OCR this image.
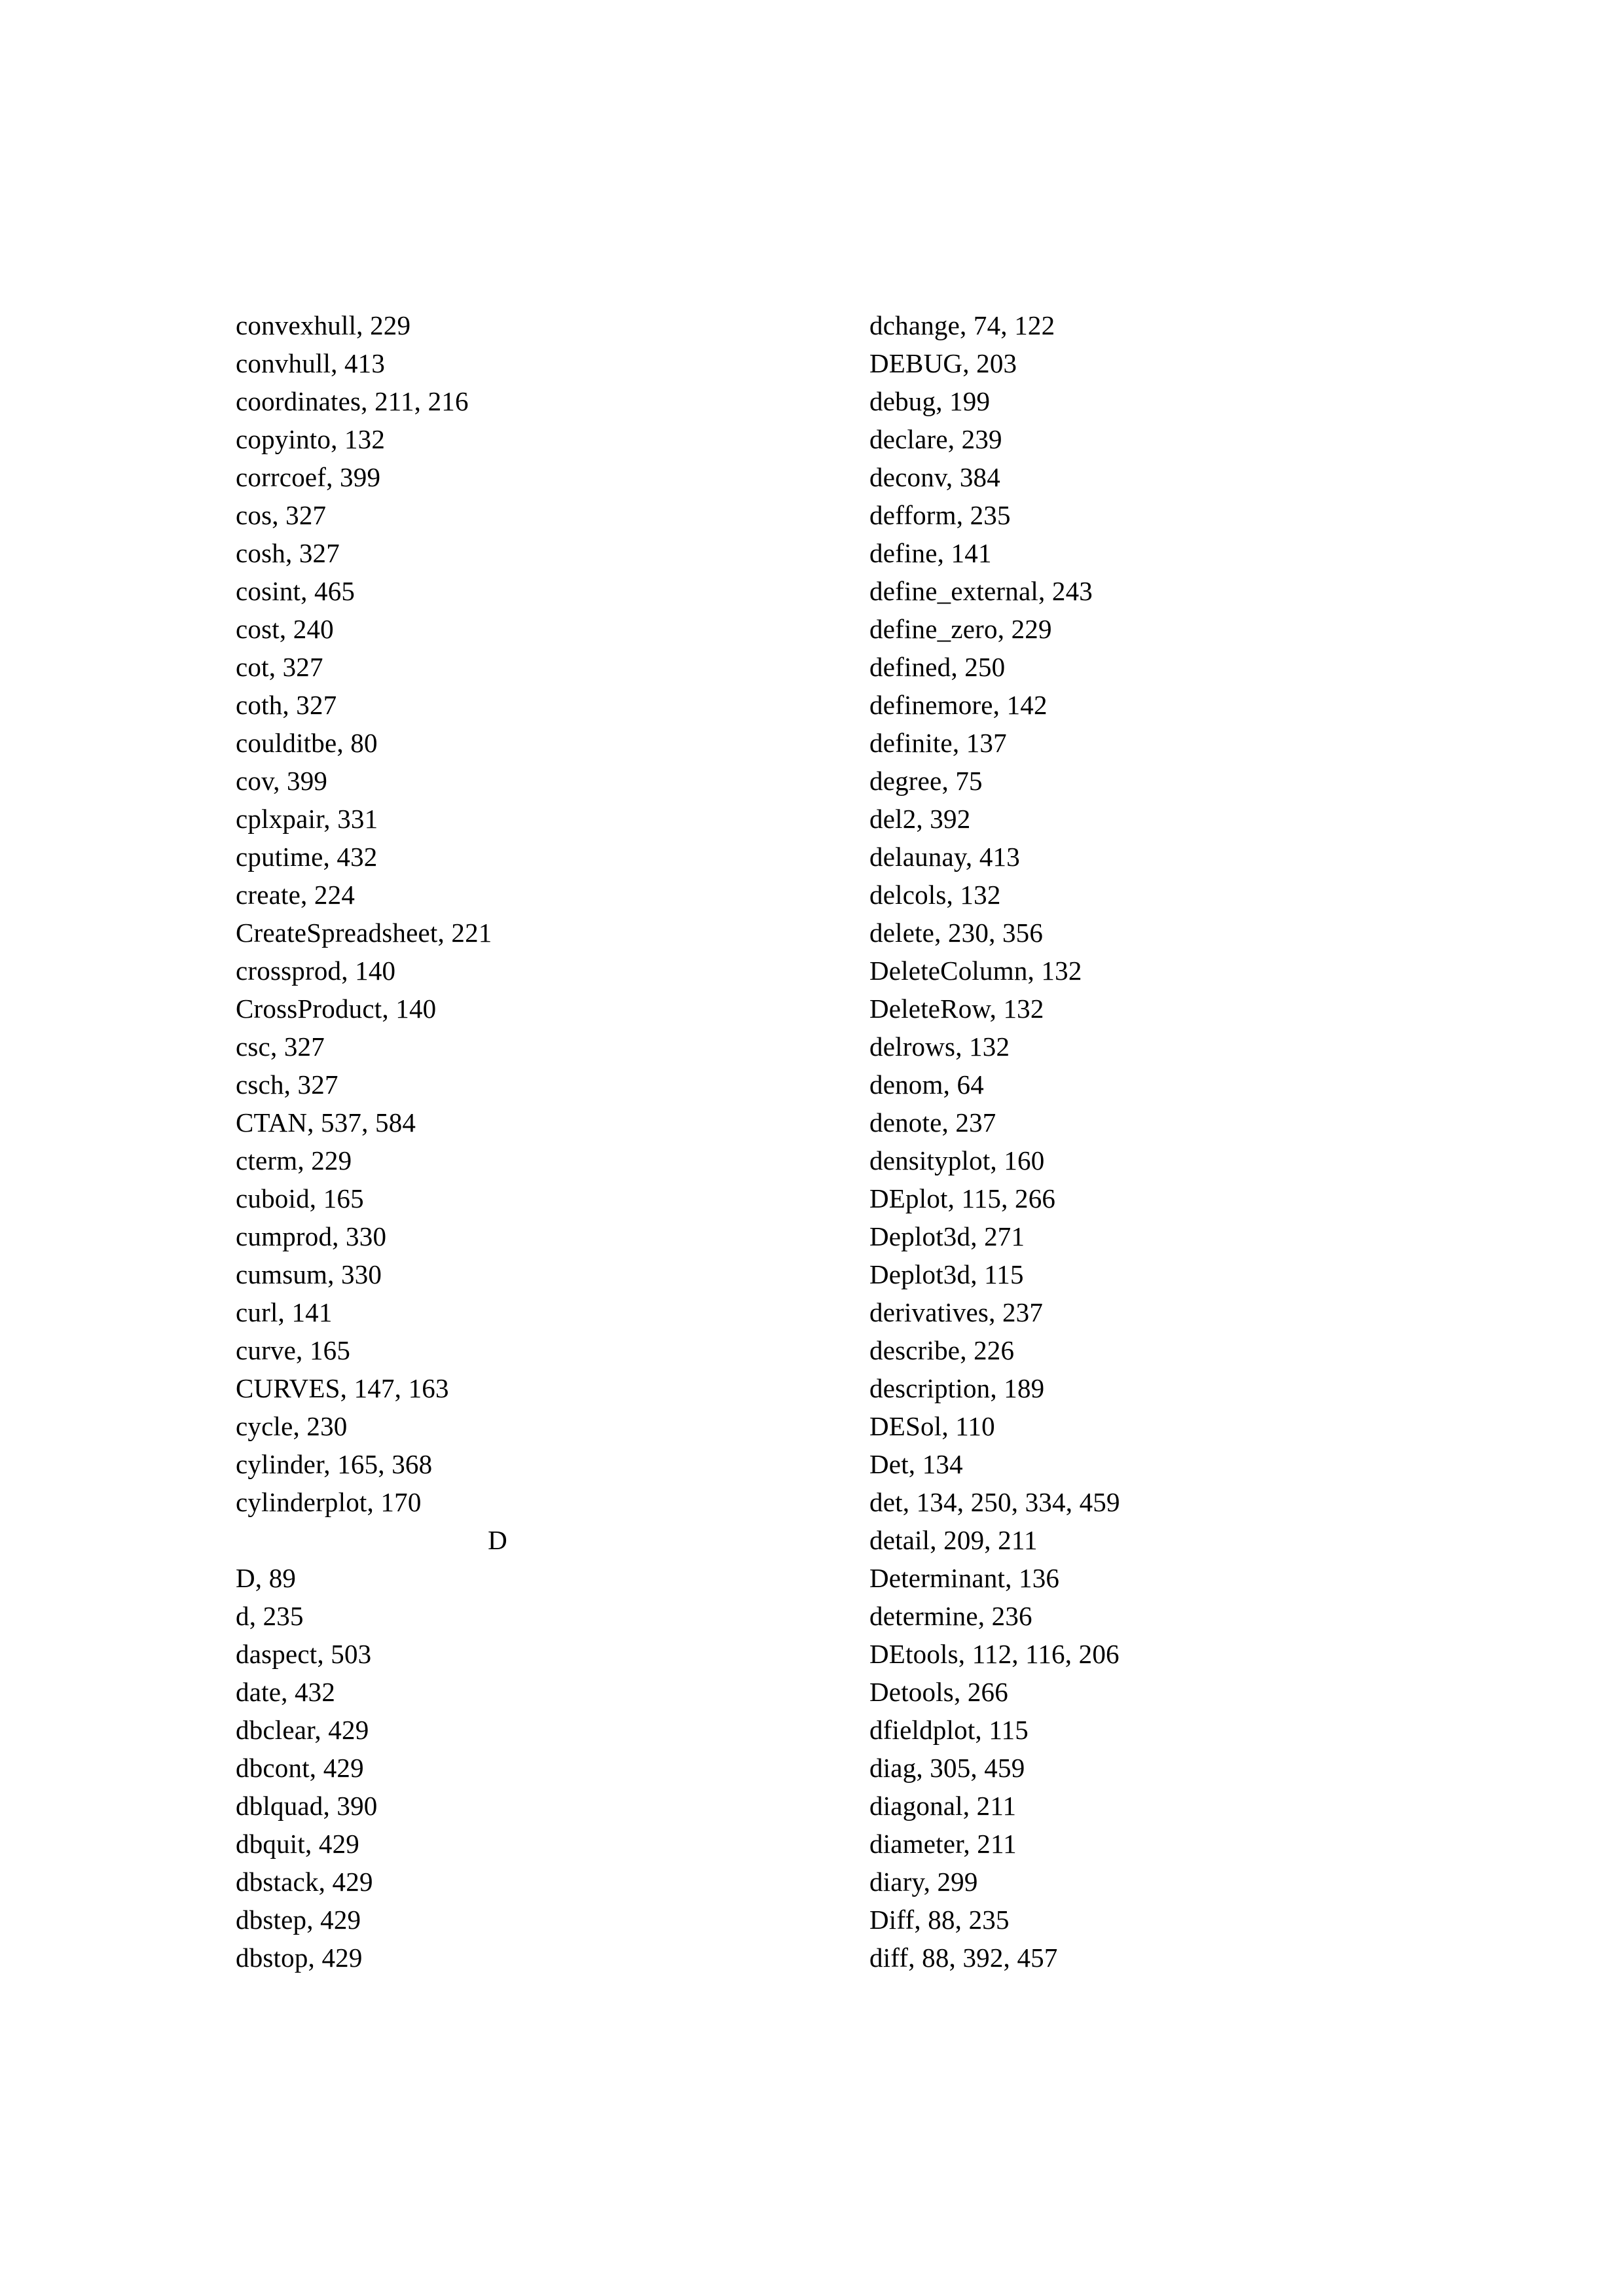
convexhull, 229
convhull, 413
coordinates, 211, 216
copyinto, 132
corrcoef, 399
cos, 327
cosh, 327
cosint, 465
cost, 240
cot, 327
coth, 327
coulditbe, 80
cov, 399
cplxpair, 331
cputime, 432
create, 224
CreateSpreadsheet, 221
crossprod, 140
CrossProduct, 140
csc, 327
csch, 327
CTAN, 537, 584
cterm, 229
cuboid, 165
cumprod, 330
cumsum, 330
curl, 141
curve, 165
CURVES, 147, 163
cycle, 230
cylinder, 165, 368
cylinderplot, 170
D
D, 89
d, 235
daspect, 503
date, 432
dbclear, 429
dbcont, 429
dblquad, 390
dbquit, 429
dbstack, 429
dbstep, 429
dbstop, 429
dchange, 74, 122
DEBUG, 203
debug, 199
declare, 239
deconv, 384
defform, 235
define, 141
define_external, 243
define_zero, 229
defined, 250
definemore, 142
definite, 137
degree, 75
del2, 392
delaunay, 413
delcols, 132
delete, 230, 356
DeleteColumn, 132
DeleteRow, 132
delrows, 132
denom, 64
denote, 237
densityplot, 160
DEplot, 115, 266
Deplot3d, 271
Deplot3d, 115
derivatives, 237
describe, 226
description, 189
DESol, 110
Det, 134
det, 134, 250, 334, 459
detail, 209, 211
Determinant, 136
determine, 236
DEtools, 112, 116, 206
Detools, 266
dfieldplot, 115
diag, 305, 459
diagonal, 211
diameter, 211
diary, 299
Diff, 88, 235
diff, 88, 392, 457
